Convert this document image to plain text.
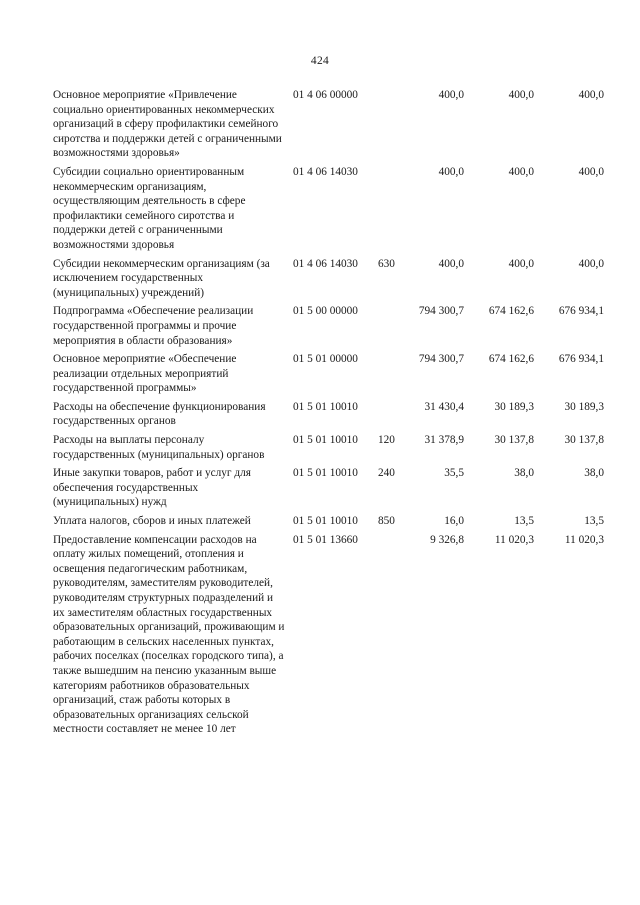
424
Основное мероприятие «Привлечение социально ориентированных некоммерческих организаций в сферу профилактики семейного сиротства и поддержки детей с ограниченными возможностями здоровья»
01 4 06 00000	400,0	400,0	400,0
Субсидии социально ориентированным некоммерческим организациям, осуществляющим деятельность в сфере профилактики семейного сиротства и поддержки детей с ограниченными возможностями здоровья
01 4 06 14030	400,0	400,0	400,0
Субсидии некоммерческим организациям (за исключением государственных (муниципальных) учреждений)
01 4 06 14030 630	400,0	400,0	400,0
Подпрограмма «Обеспечение реализации государственной программы и прочие мероприятия в области образования»
01 5 00 00000	794 300,7	674 162,6	676 934,1
Основное мероприятие «Обеспечение реализации отдельных мероприятий государственной программы»
01 5 01 00000	794 300,7	674 162,6	676 934,1
Расходы на обеспечение функционирования государственных органов
01 5 01 10010	31 430,4	30 189,3	30 189,3
Расходы на выплаты персоналу государственных (муниципальных) органов
01 5 01 10010 120	31 378,9	30 137,8	30 137,8
Иные закупки товаров, работ и услуг для обеспечения государственных (муниципальных) нужд
01 5 01 10010 240	35,5	38,0	38,0
Уплата налогов, сборов и иных платежей	01 5 01 10010 850	16,0	13,5	13,5
Предоставление компенсации расходов на оплату жилых помещений, отопления и освещения педагогическим работникам, руководителям, заместителям руководителей, руководителям структурных подразделений и их заместителям областных государственных образовательных организаций, проживающим и работающим в сельских населенных пунктах, рабочих поселках (поселках городского типа), а также вышедшим на пенсию указанным выше категориям работников образовательных организаций, стаж работы которых в образовательных организациях сельской местности составляет не менее 10 лет
01 5 01 13660	9 326,8	11 020,3	11 020,3
